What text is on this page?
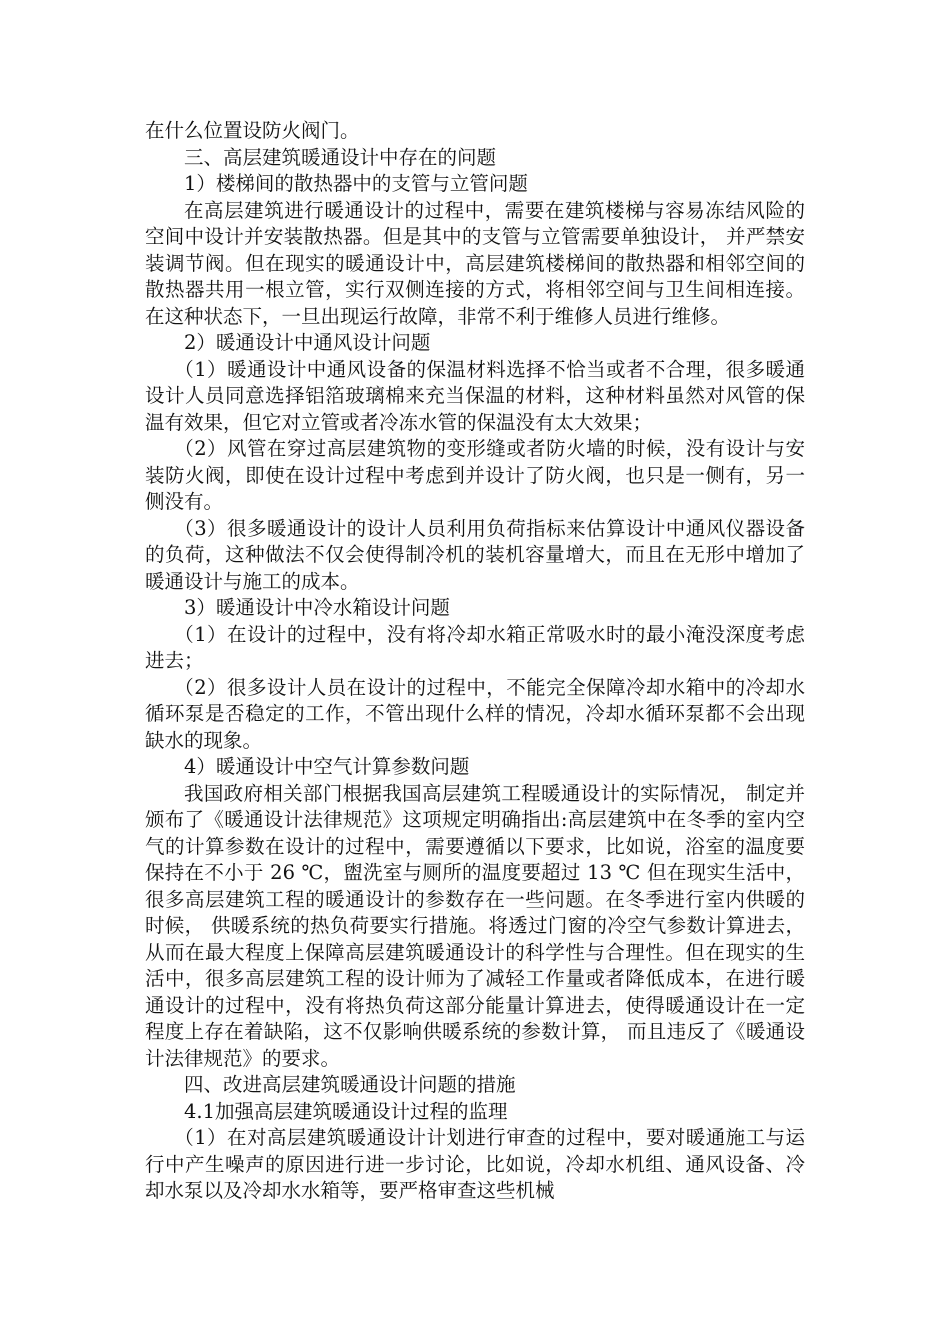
在什么位置设防火阀门。

三、高层建筑暖通设计中存在的问题

1）楼梯间的散热器中的支管与立管问题

在高层建筑进行暖通设计的过程中，需要在建筑楼梯与容易冻结风险的空间中设计并安装散热器。但是其中的支管与立管需要单独设计， 并严禁安装调节阀。但在现实的暖通设计中，高层建筑楼梯间的散热器和相邻空间的散热器共用一根立管，实行双侧连接的方式，将相邻空间与卫生间相连接。在这种状态下，一旦出现运行故障，非常不利于维修人员进行维修。

2）暖通设计中通风设计问题

（1）暖通设计中通风设备的保温材料选择不恰当或者不合理，很多暖通设计人员同意选择铝箔玻璃棉来充当保温的材料，这种材料虽然对风管的保温有效果，但它对立管或者冷冻水管的保温没有太大效果；

（2）风管在穿过高层建筑物的变形缝或者防火墙的时候，没有设计与安装防火阀，即使在设计过程中考虑到并设计了防火阀，也只是一侧有，另一侧没有。

（3）很多暖通设计的设计人员利用负荷指标来估算设计中通风仪器设备的负荷，这种做法不仅会使得制冷机的装机容量增大，而且在无形中增加了暖通设计与施工的成本。

3）暖通设计中冷水箱设计问题

（1）在设计的过程中，没有将冷却水箱正常吸水时的最小淹没深度考虑进去；

（2）很多设计人员在设计的过程中，不能完全保障冷却水箱中的冷却水循环泵是否稳定的工作，不管出现什么样的情况，冷却水循环泵都不会出现缺水的现象。

4）暖通设计中空气计算参数问题

我国政府相关部门根据我国高层建筑工程暖通设计的实际情况， 制定并颁布了《暖通设计法律规范》这项规定明确指出:高层建筑中在冬季的室内空气的计算参数在设计的过程中，需要遵循以下要求，比如说，浴室的温度要保持在不小于 26 ℃，盥洗室与厕所的温度要超过 13 ℃ 但在现实生活中，很多高层建筑工程的暖通设计的参数存在一些问题。在冬季进行室内供暖的时候， 供暖系统的热负荷要实行措施。将透过门窗的冷空气参数计算进去， 从而在最大程度上保障高层建筑暖通设计的科学性与合理性。但在现实的生活中，很多高层建筑工程的设计师为了减轻工作量或者降低成本，在进行暖通设计的过程中，没有将热负荷这部分能量计算进去，使得暖通设计在一定程度上存在着缺陷，这不仅影响供暖系统的参数计算， 而且违反了《暖通设计法律规范》的要求。

四、改进高层建筑暖通设计问题的措施

4.1加强高层建筑暖通设计过程的监理

（1）在对高层建筑暖通设计计划进行审查的过程中，要对暖通施工与运行中产生噪声的原因进行进一步讨论，比如说，冷却水机组、通风设备、冷却水泵以及冷却水水箱等，要严格审查这些机械
